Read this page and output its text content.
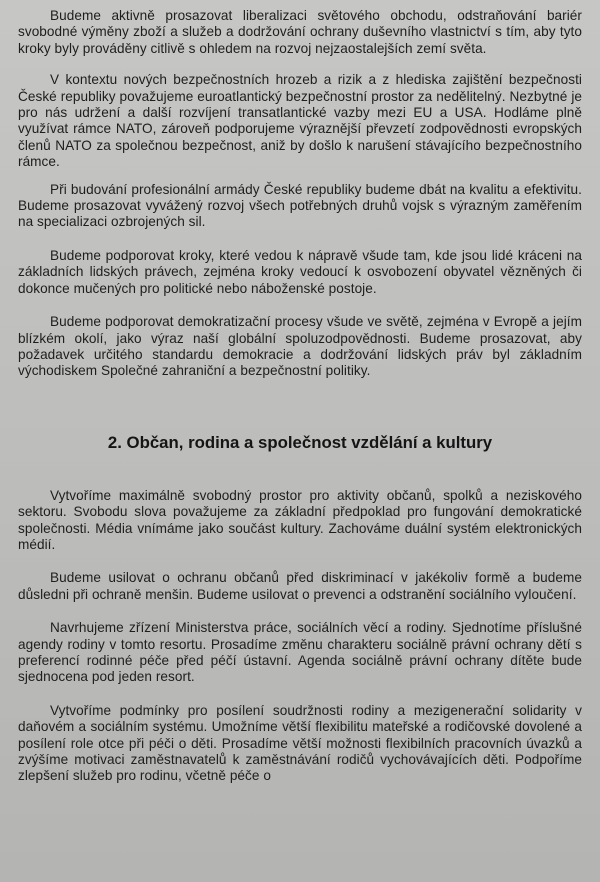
Budeme aktivně prosazovat liberalizaci světového obchodu, odstraňování bariér svobodné výměny zboží a služeb a dodržování ochrany duševního vlastnictví s tím, aby tyto kroky byly prováděny citlivě s ohledem na rozvoj nejzaostalejších zemí světa.

V kontextu nových bezpečnostních hrozeb a rizik a z hlediska zajištění bezpečnosti České republiky považujeme euroatlantický bezpečnostní prostor za nedělitelný. Nezbytné je pro nás udržení a další rozvíjení transatlantické vazby mezi EU a USA. Hodláme plně využívat rámce NATO, zároveň podporujeme výraznější převzetí zodpovědnosti evropských členů NATO za společnou bezpečnost, aniž by došlo k narušení stávajícího bezpečnostního rámce.

Při budování profesionální armády České republiky budeme dbát na kvalitu a efektivitu. Budeme prosazovat vyvážený rozvoj všech potřebných druhů vojsk s výrazným zaměřením na specializaci ozbrojených sil.

Budeme podporovat kroky, které vedou k nápravě všude tam, kde jsou lidé kráceni na základních lidských právech, zejména kroky vedoucí k osvobození obyvatel vězněných či dokonce mučených pro politické nebo náboženské postoje.

Budeme podporovat demokratizační procesy všude ve světě, zejména v Evropě a jejím blízkém okolí, jako výraz naší globální spoluzodpovědnosti. Budeme prosazovat, aby požadavek určitého standardu demokracie a dodržování lidských práv byl základním východiskem Společné zahraniční a bezpečnostní politiky.

2. Občan, rodina a společnost vzdělání a kultury

Vytvoříme maximálně svobodný prostor pro aktivity občanů, spolků a neziskového sektoru. Svobodu slova považujeme za základní předpoklad pro fungování demokratické společnosti. Média vnímáme jako součást kultury. Zachováme duální systém elektronických médií.

Budeme usilovat o ochranu občanů před diskriminací v jakékoliv formě a budeme důsledni při ochraně menšin. Budeme usilovat o prevenci a odstranění sociálního vyloučení.

Navrhujeme zřízení Ministerstva práce, sociálních věcí a rodiny. Sjednotíme příslušné agendy rodiny v tomto resortu. Prosadíme změnu charakteru sociálně právní ochrany dětí s preferencí rodinné péče před péčí ústavní. Agenda sociálně právní ochrany dítěte bude sjednocena pod jeden resort.

Vytvoříme podmínky pro posílení soudržnosti rodiny a mezigenerační solidarity v daňovém a sociálním systému. Umožníme větší flexibilitu mateřské a rodičovské dovolené a posílení role otce při péči o děti. Prosadíme větší možnosti flexibilních pracovních úvazků a zvýšíme motivaci zaměstnavatelů k zaměstnávání rodičů vychovávajících děti. Podpoříme zlepšení služeb pro rodinu, včetně péče o
